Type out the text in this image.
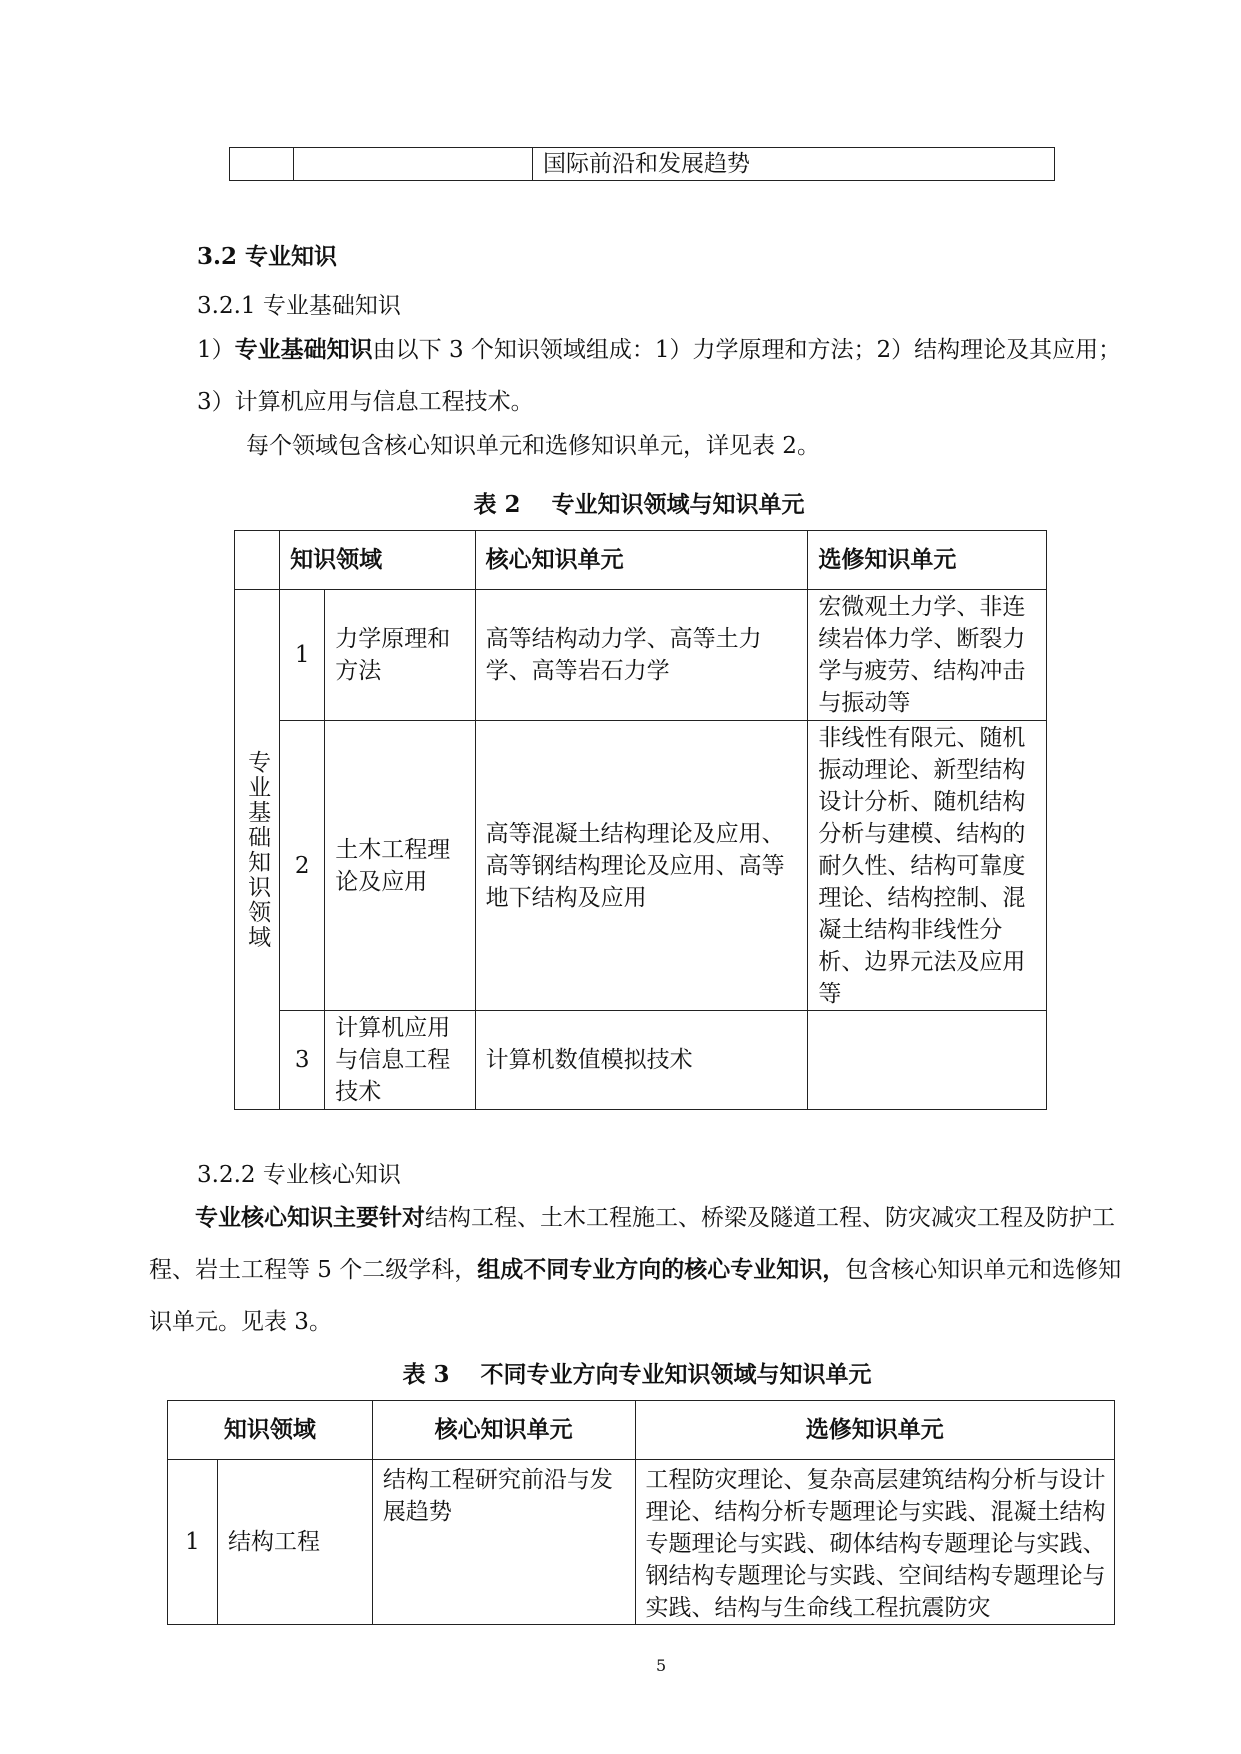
		国际前沿和发展趋势
3.2 专业知识
3.2.1 专业基础知识
1）专业基础知识由以下 3 个知识领域组成：1）力学原理和方法；2）结构理论及其应用；3）计算机应用与信息工程技术。
每个领域包含核心知识单元和选修知识单元，详见表 2。
表 2　 专业知识领域与知识单元
	知识领域		核心知识单元	选修知识单元
专业基础知识领域	1	力学原理和方法	高等结构动力学、高等土力学、高等岩石力学	宏微观土力学、非连续岩体力学、断裂力学与疲劳、结构冲击与振动等
	2	土木工程理论及应用	高等混凝土结构理论及应用、高等钢结构理论及应用、高等地下结构及应用	非线性有限元、随机振动理论、新型结构设计分析、随机结构分析与建模、结构的耐久性、结构可靠度理论、结构控制、混凝土结构非线性分析、边界元法及应用等
	3	计算机应用与信息工程技术	计算机数值模拟技术	
3.2.2 专业核心知识
专业核心知识主要针对结构工程、土木工程施工、桥梁及隧道工程、防灾减灾工程及防护工程、岩土工程等 5 个二级学科，组成不同专业方向的核心专业知识，包含核心知识单元和选修知识单元。见表 3。
表 3　 不同专业方向专业知识领域与知识单元
知识领域		核心知识单元	选修知识单元
1	结构工程	结构工程研究前沿与发展趋势	工程防灾理论、复杂高层建筑结构分析与设计理论、结构分析专题理论与实践、混凝土结构专题理论与实践、砌体结构专题理论与实践、钢结构专题理论与实践、空间结构专题理论与实践、结构与生命线工程抗震防灾
5
